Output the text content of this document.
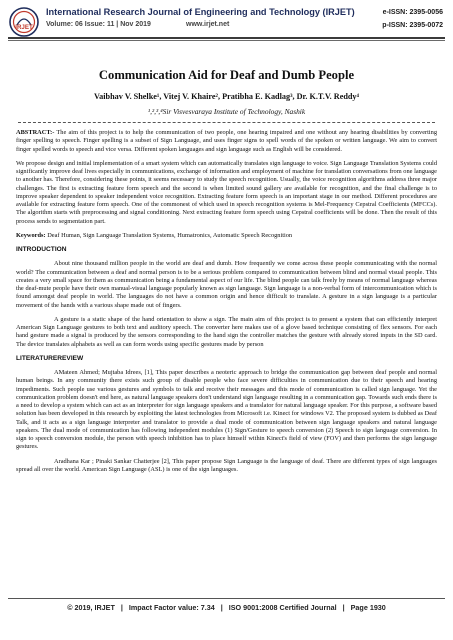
IRJET
International Research Journal of Engineering and Technology (IRJET)
Volume: 06 Issue: 11 | Nov 2019	www.irjet.net
e-ISSN: 2395-0056
p-ISSN: 2395-0072
Communication Aid for Deaf and Dumb People
Vaibhav V. Shelke¹, Vitej V. Khaire², Pratibha E. Kadlag³, Dr. K.T.V. Reddy⁴
¹,²,³,⁴Sir Visvesvaraya Institute of Technology, Nashik

ABSTRACT:- The aim of this project is to help the communication of two people, one hearing impaired and one without any hearing disabilities by converting finger spelling to speech. Finger spelling is a subset of Sign Language, and uses finger signs to spell words of the spoken or written language. We aim to convert finger spelled words to speech and vice versa. Different spoken languages and sign language such as English will be considered.

We propose design and initial implementation of a smart system which can automatically translates sign language to voice. Sign Language Translation Systems could significantly improve deaf lives especially in communications, exchange of information and employment of machine for translation conversations from one language to another has. Therefore, considering these points, it seems necessary to study the speech recognition. Usually, the voice recognition algorithms address three major challenges. The first is extracting feature form speech and the second is when limited sound gallery are available for recognition, and the final challenge is to improve speaker dependent to speaker independent voice recognition. Extracting feature form speech is an important stage in our method. Different procedures are available for extracting feature form speech. One of the commonest of which used in speech recognition systems is Mel-Frequency Cepstral Coefficients (MFCCs). The algorithm starts with preprocessing and signal conditioning. Next extracting feature form speech using Cepstral coefficients will be done. Then the result of this process sends to segmentation part.

Keywords: Deaf Human, Sign Language Translation Systems, Humatronics, Automatic Speech Recognition

INTRODUCTION

About nine thousand million people in the world are deaf and dumb. How frequently we come across these people communicating with the normal world? The communication between a deaf and normal person is to be a serious problem compared to communication between blind and normal visual people. This creates a very small space for them as communication being a fundamental aspect of our life. The blind people can talk freely by means of normal language whereas the deaf-mute people have their own manual-visual language popularly known as sign language. Sign language is a non-verbal form of intercommunication which is found amongst deaf people in world. The languages do not have a common origin and hence difficult to translate. A gesture in a sign language is a particular movement of the hands with a various shape made out of fingers.

A gesture is a static shape of the hand orientation to show a sign. The main aim of this project is to present a system that can efficiently interpret American Sign Language gestures to both text and auditory speech. The converter here makes use of a glove based technique consisting of flex sensors. For each hand gesture made a signal is produced by the sensors corresponding to the hand sign the controller matches the gesture with already stored inputs in the SD card. The device translates alphabets as well as can form words using specific gestures made by person

LITERATUREREVIEW

AMateen Ahmed; Mujtaba Idrees, [1], This paper describes a neoteric approach to bridge the communication gap between deaf people and normal human beings. In any community there exists such group of disable people who face severe difficulties in communication due to their speech and hearing impediments. Such people use various gestures and symbols to talk and receive their messages and this mode of communication is called sign language. Yet the communication problem doesn't end here, as natural language speakers don't understand sign language resulting in a communication gap. Towards such ends there is a need to develop a system which can act as an interpreter for sign language speakers and a translator for natural language speaker. For this purpose, a software based solution has been developed in this research by exploiting the latest technologies from Microsoft i.e. Kinect for windows V2. The proposed system is dubbed as Deaf Talk, and it acts as a sign language interpreter and translator to provide a dual mode of communication between sign language speakers and natural language speakers. The dual mode of communication has following independent modules (1) Sign/Gesture to speech conversion (2) Speech to sign language conversion. In sign to speech conversion module, the person with speech inhibition has to place himself within Kinect's field of view (FOV) and then performs the sign language gestures.

Aradhana Kar ; Pinaki Sankar Chatterjee [2], This paper propose Sign Language is the language of deaf. There are different types of sign languages spread all over the world. American Sign Language (ASL) is one of the sign languages.

© 2019, IRJET | Impact Factor value: 7.34 | ISO 9001:2008 Certified Journal | Page 1930
